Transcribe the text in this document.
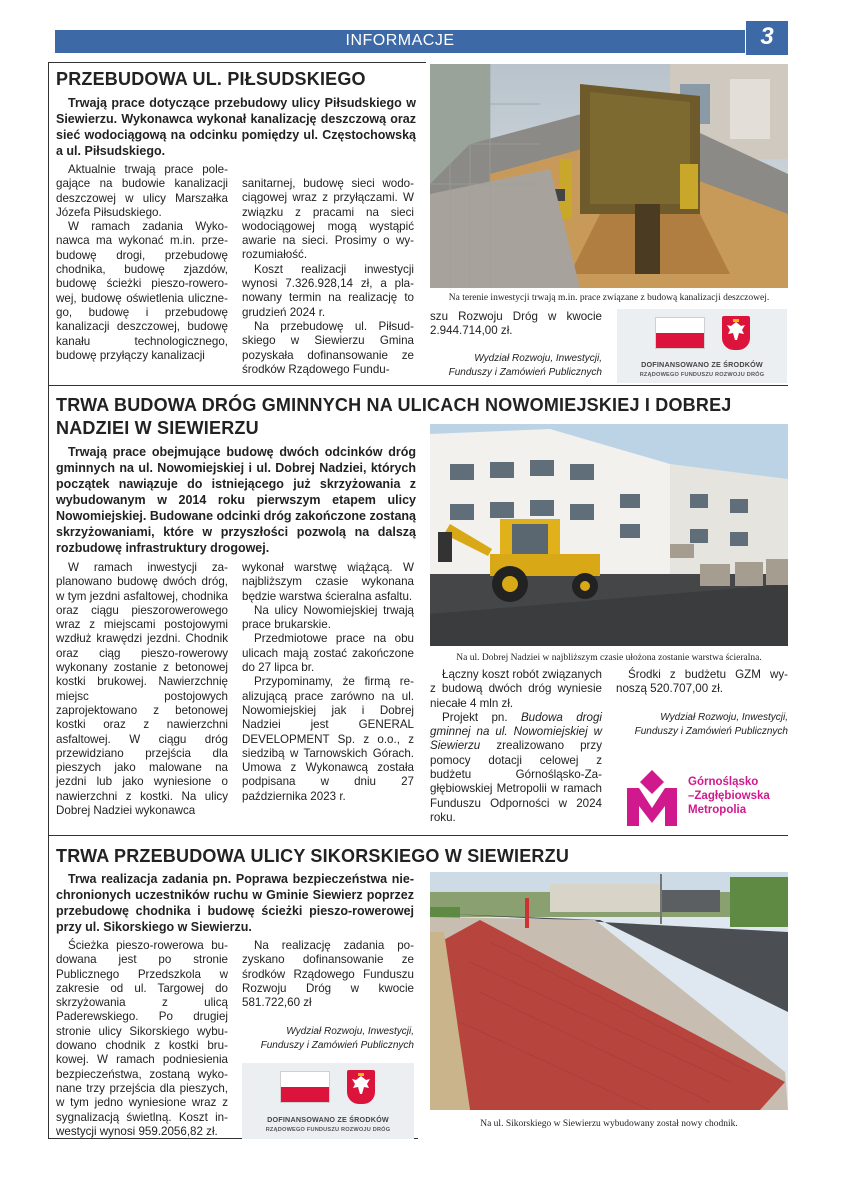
INFORMACJE	3
PRZEBUDOWA UL. PIŁSUDSKIEGO
Trwają prace dotyczące przebudowy ulicy Piłsudskiego w Siewierzu. Wykonawca wykonał kanalizację deszczową oraz sieć wodociągową na odcinku pomiędzy ul. Częstochowską a ul. Piłsudskiego.

Aktualnie trwają prace polegające na budowie kanalizacji deszczowej w ulicy Marszałka Józefa Piłsudskiego.

W ramach zadania Wykonawca ma wykonać m.in. przebudowę drogi, przebudowę chodnika, budowę zjazdów, budowę ścieżki pieszo-rowerowej, budowę oświetlenia ulicznego, budowę i przebudowę kanalizacji deszczowej, budowę kanału technologicznego, budowę przyłączy kanalizacji

sanitarnej, budowę sieci wodociągowej wraz z przyłączami. W związku z pracami na sieci wodociągowej mogą wystąpić awarie na sieci. Prosimy o wyrozumiałość.

Koszt realizacji inwestycji wynosi 7.326.928,14 zł, a planowany termin na realizację to grudzień 2024 r.

Na przebudowę ul. Piłsudskiego w Siewierzu Gmina pozyskała dofinansowanie ze środków Rządowego Fundu-

Na terenie inwestycji trwają m.in. prace związane z budową kanalizacji deszczowej.
szu Rozwoju Dróg w kwocie 2.944.714,00 zł.
Wydział Rozwoju, Inwestycji,
Funduszy i Zamówień Publicznych
DOFINANSOWANO ZE ŚRODKÓW
RZĄDOWEGO FUNDUSZU ROZWOJU DRÓG
TRWA BUDOWA DRÓG GMINNYCH NA ULICACH NOWOMIEJSKIEJ I DOBREJ
NADZIEI W SIEWIERZU
Trwają prace obejmujące budowę dwóch odcinków dróg gminnych na ul. Nowomiejskiej i ul. Dobrej Nadziei, których początek nawiązuje do istniejącego już skrzyżowania z wybudowanym w 2014 roku pierwszym etapem ulicy Nowomiejskiej. Budowane odcinki dróg zakończone zostaną skrzyżowaniami, które w przyszłości pozwolą na dalszą rozbudowę infrastruktury drogowej.

W ramach inwestycji zaplanowano budowę dwóch dróg, w tym jezdni asfaltowej, chodnika oraz ciągu pieszorowerowego wraz z miejscami postojowymi wzdłuż krawędzi jezdni. Chodnik oraz ciąg pieszo-rowerowy wykonany zostanie z betonowej kostki brukowej. Nawierzchnię miejsc postojowych zaprojektowano z betonowej kostki oraz z nawierzchni asfaltowej. W ciągu dróg przewidziano przejścia dla pieszych jako malowane na jezdni lub jako wyniesione o nawierzchni z kostki. Na ulicy Dobrej Nadziei wykonawca

wykonał warstwę wiążącą. W najbliższym czasie wykonana będzie warstwa ścieralna asfaltu.

Na ulicy Nowomiejskiej trwają prace brukarskie.

Przedmiotowe prace na obu ulicach mają zostać zakończone do 27 lipca br.

Przypominamy, że firmą realizującą prace zarówno na ul. Nowomiejskiej jak i Dobrej Nadziei jest GENERAL DEVELOPMENT Sp. z o.o., z siedzibą w Tarnowskich Górach. Umowa z Wykonawcą została podpisana w dniu 27 października 2023 r.

Na ul. Dobrej Nadziei w najbliższym czasie ułożona zostanie warstwa ścieralna.

Łączny koszt robót związanych z budową dwóch dróg wyniesie niecałe 4 mln zł.

Projekt pn. Budowa drogi gminnej na ul. Nowomiejskiej w Siewierzu zrealizowano przy pomocy dotacji celowej z budżetu Górnośląsko-Zagłębiowskiej Metropolii w ramach Funduszu Odporności w 2024 roku.

Środki z budżetu GZM wynoszą 520.707,00 zł.

Wydział Rozwoju, Inwestycji,
Funduszy i Zamówień Publicznych
Górnośląsko
–Zagłębiowska
Metropolia
TRWA PRZEBUDOWA ULICY SIKORSKIEGO W SIEWIERZU
Trwa realizacja zadania pn. Poprawa bezpieczeństwa niechronionych uczestników ruchu w Gminie Siewierz poprzez przebudowę chodnika i budowę ścieżki pieszo-rowerowej przy ul. Sikorskiego w Siewierzu.

Ścieżka pieszo-rowerowa budowana jest po stronie Publicznego Przedszkola w zakresie od ul. Targowej do skrzyżowania z ulicą Paderewskiego. Po drugiej stronie ulicy Sikorskiego wybudowano chodnik z kostki brukowej. W ramach podniesienia bezpieczeństwa, zostaną wykonane trzy przejścia dla pieszych, w tym jedno wyniesione wraz z sygnalizacją świetlną. Koszt inwestycji wynosi 959.2056,82 zł.

Na realizację zadania pozyskano dofinansowanie ze środków Rządowego Funduszu Rozwoju Dróg w kwocie 581.722,60 zł

Wydział Rozwoju, Inwestycji,
Funduszy i Zamówień Publicznych
DOFINANSOWANO ZE ŚRODKÓW
RZĄDOWEGO FUNDUSZU ROZWOJU DRÓG
Na ul. Sikorskiego w Siewierzu wybudowany został nowy chodnik.
